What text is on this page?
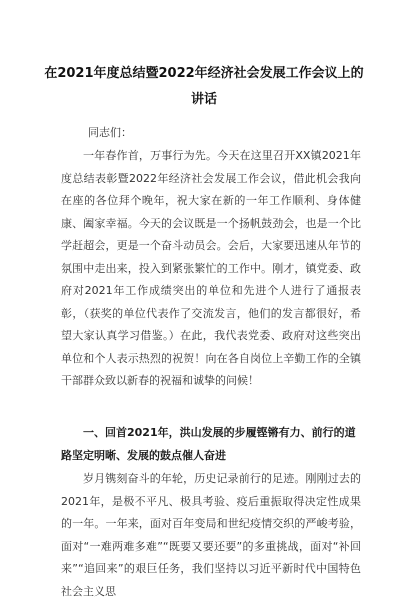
在2021年度总结暨2022年经济社会发展工作会议上的
讲话

同志们：

一年春作首，万事行为先。今天在这里召开XX镇2021年度总结表彰暨2022年经济社会发展工作会议，借此机会我向在座的各位拜个晚年，祝大家在新的一年工作顺利、身体健康、阖家幸福。今天的会议既是一个扬帆鼓劲会，也是一个比学赶超会，更是一个奋斗动员会。会后，大家要迅速从年节的氛围中走出来，投入到紧张繁忙的工作中。刚才，镇党委、政府对2021年工作成绩突出的单位和先进个人进行了通报表彰，（获奖的单位代表作了交流发言，他们的发言都很好，希望大家认真学习借鉴。）在此，我代表党委、政府对这些突出单位和个人表示热烈的祝贺！向在各自岗位上辛勤工作的全镇干部群众致以新春的祝福和诚挚的问候！

一、回首2021年，洪山发展的步履铿锵有力、前行的道路坚定明晰、发展的鼓点催人奋进

岁月镌刻奋斗的年轮，历史记录前行的足迹。刚刚过去的2021年，是极不平凡、极具考验、疫后重振取得决定性成果的一年。一年来，面对百年变局和世纪疫情交织的严峻考验，面对“一难两难多难”“既要又要还要”的多重挑战，面对“补回来”“追回来”的艰巨任务，我们坚持以习近平新时代中国特色社会主义思
